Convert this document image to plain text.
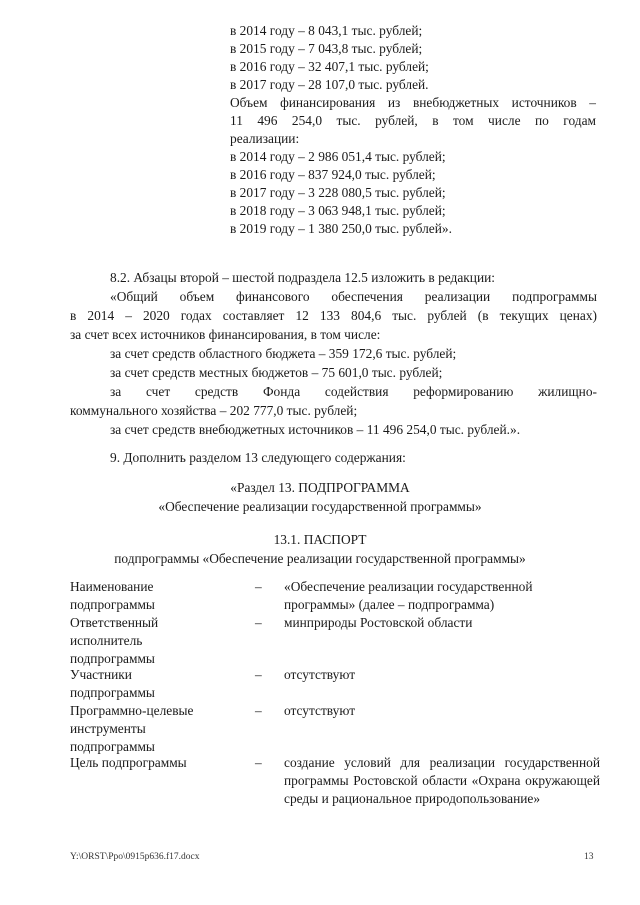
в 2014 году – 8 043,1 тыс. рублей;
в 2015 году – 7 043,8 тыс. рублей;
в 2016 году – 32 407,1 тыс. рублей;
в 2017 году – 28 107,0 тыс. рублей.
Объем финансирования из внебюджетных источников –
11 496 254,0 тыс. рублей, в том числе по годам
реализации:
в 2014 году – 2 986 051,4 тыс. рублей;
в 2016 году – 837 924,0 тыс. рублей;
в 2017 году – 3 228 080,5 тыс. рублей;
в 2018 году – 3 063 948,1 тыс. рублей;
в 2019 году – 1 380 250,0 тыс. рублей».
8.2. Абзацы второй – шестой подраздела 12.5 изложить в редакции:
«Общий объем финансового обеспечения реализации подпрограммы
в 2014 – 2020 годах составляет 12 133 804,6 тыс. рублей (в текущих ценах)
за счет всех источников финансирования, в том числе:
за счет средств областного бюджета – 359 172,6 тыс. рублей;
за счет средств местных бюджетов – 75 601,0 тыс. рублей;
за счет средств Фонда содействия реформированию жилищно-
коммунального хозяйства – 202 777,0 тыс. рублей;
за счет средств внебюджетных источников – 11 496 254,0 тыс. рублей.».
9. Дополнить разделом 13 следующего содержания:
«Раздел 13. ПОДПРОГРАММА
«Обеспечение реализации государственной программы»
13.1. ПАСПОРТ
подпрограммы «Обеспечение реализации государственной программы»
Наименование подпрограммы
– «Обеспечение реализации государственной программы» (далее – подпрограмма)
Ответственный исполнитель подпрограммы
– минприроды Ростовской области
Участники подпрограммы
– отсутствуют
Программно-целевые инструменты подпрограммы
– отсутствуют
Цель подпрограммы	– создание условий для реализации государственной программы Ростовской области «Охрана окружающей среды и рациональное природопользование»
Y:\ORST\Ppo\0915p636.f17.docx	13
